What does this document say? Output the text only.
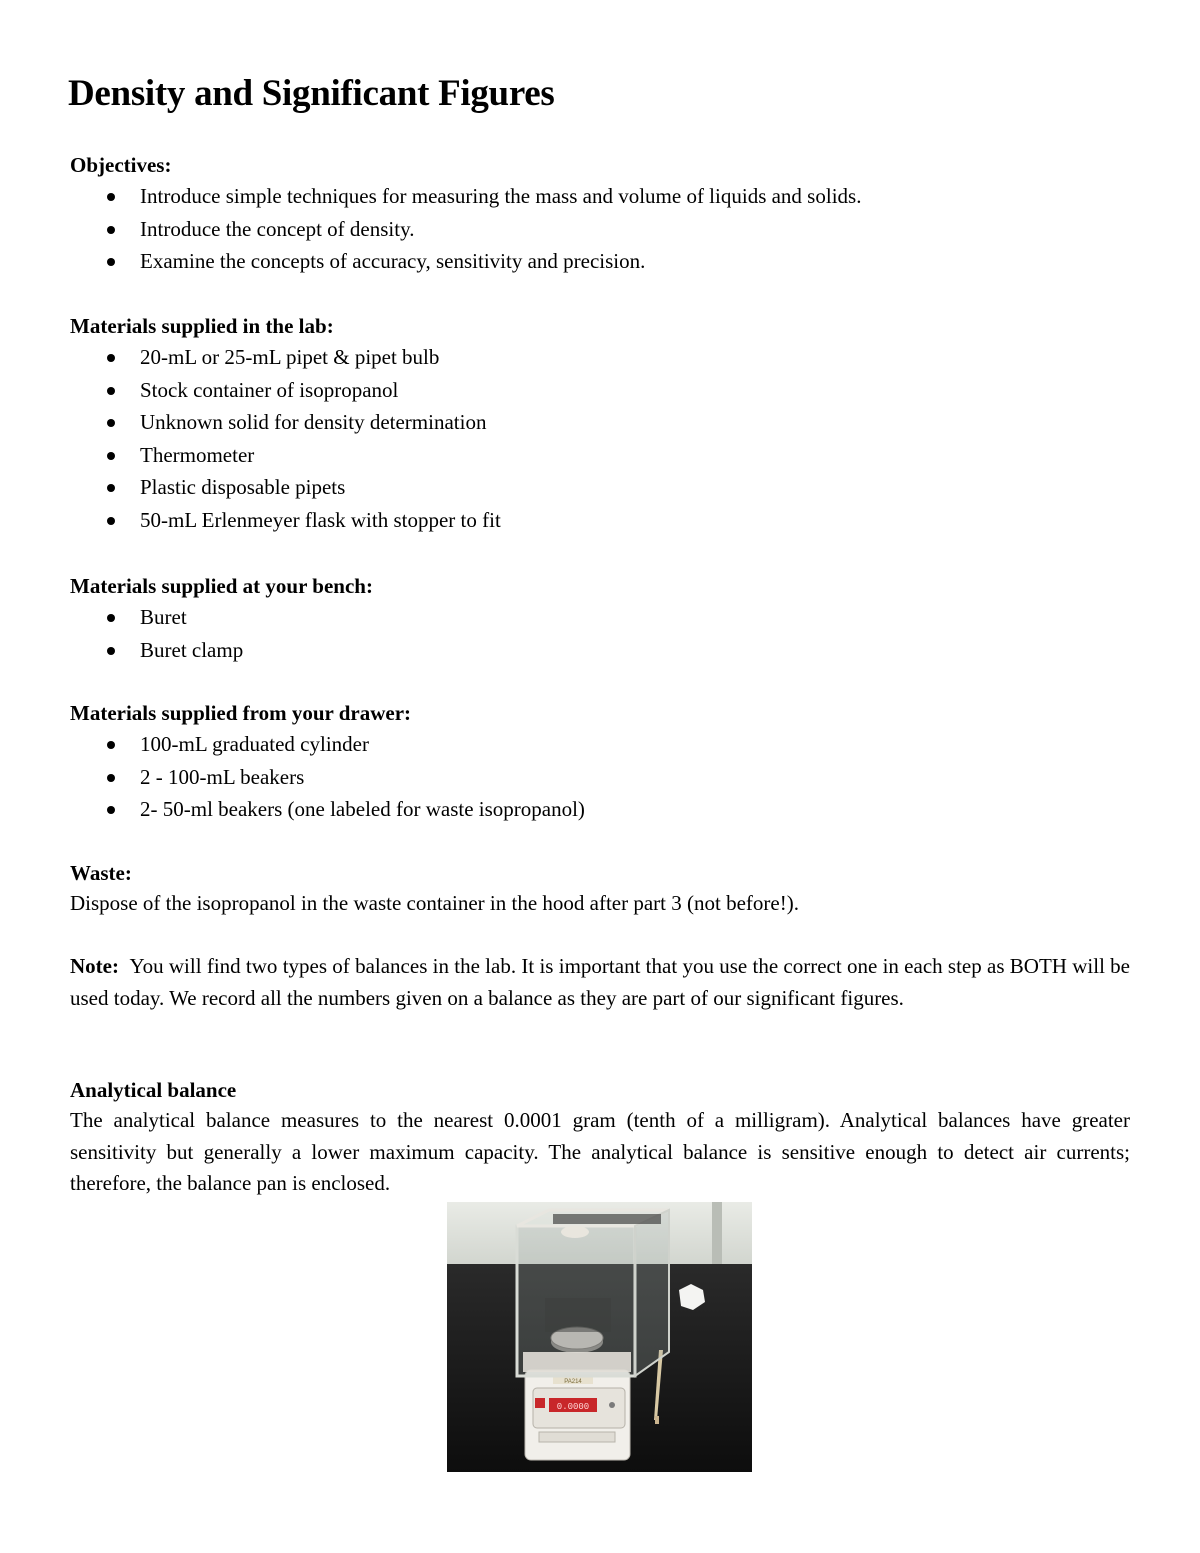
Density and Significant Figures
Objectives:
Introduce simple techniques for measuring the mass and volume of liquids and solids.
Introduce the concept of density.
Examine the concepts of accuracy, sensitivity and precision.
Materials supplied in the lab:
20-mL or 25-mL pipet & pipet bulb
Stock container of isopropanol
Unknown solid for density determination
Thermometer
Plastic disposable pipets
50-mL Erlenmeyer flask with stopper to fit
Materials supplied at your bench:
Buret
Buret clamp
Materials supplied from your drawer:
100-mL graduated cylinder
2 - 100-mL beakers
2- 50-ml beakers (one labeled for waste isopropanol)
Waste:

Dispose of the isopropanol in the waste container in the hood after part 3 (not before!).

Note: You will find two types of balances in the lab. It is important that you use the correct one in each step as BOTH will be used today. We record all the numbers given on a balance as they are part of our significant figures.

Analytical balance

The analytical balance measures to the nearest 0.0001 gram (tenth of a milligram). Analytical balances have greater sensitivity but generally a lower maximum capacity. The analytical balance is sensitive enough to detect air currents; therefore, the balance pan is enclosed.

0.0000
PA214
